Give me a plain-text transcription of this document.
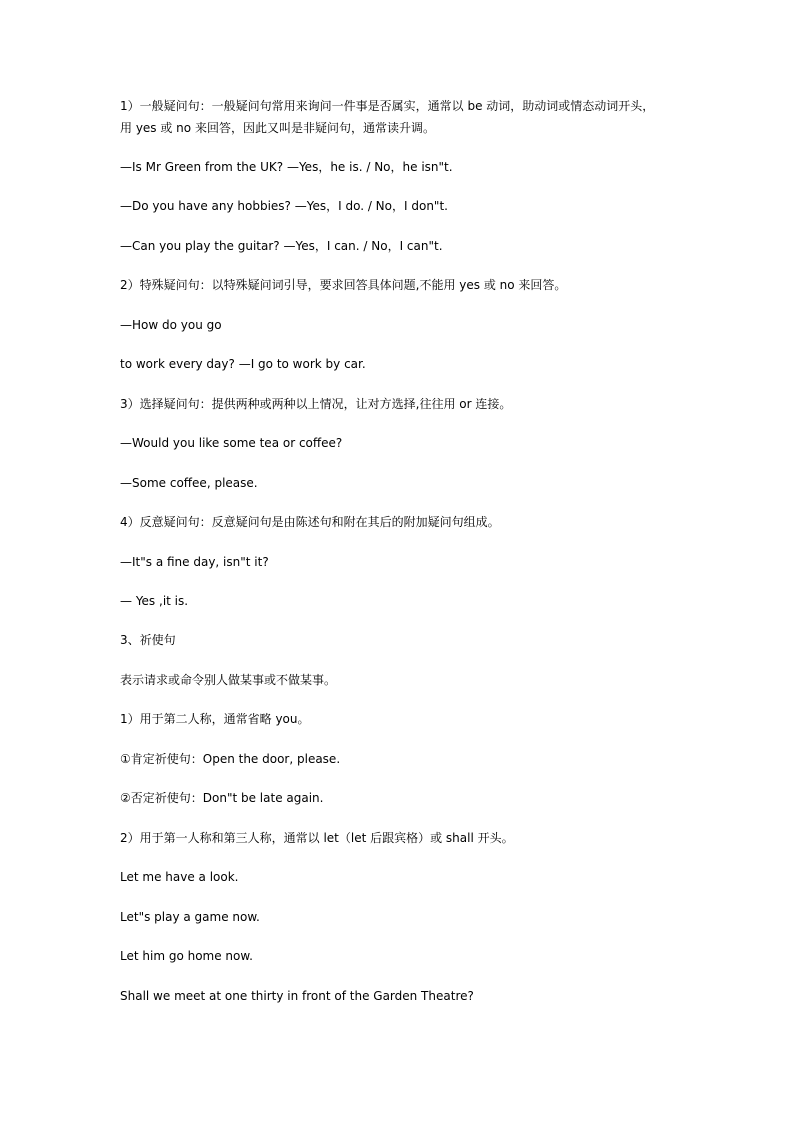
1）一般疑问句：一般疑问句常用来询问一件事是否属实，通常以 be 动词，助动词或情态动词开头，
用 yes 或 no 来回答，因此又叫是非疑问句，通常读升调。
—Is Mr Green from the UK? —Yes，he is. / No，he isn"t.
—Do you have any hobbies? —Yes，I do. / No，I don"t.
—Can you play the guitar? —Yes，I can. / No，I can"t.
2）特殊疑问句：以特殊疑问词引导，要求回答具体问题,不能用 yes 或 no 来回答。
—How do you go
to work every day? —I go to work by car.
3）选择疑问句：提供两种或两种以上情况，让对方选择,往往用 or 连接。
—Would you like some tea or coffee?
—Some coffee, please.
4）反意疑问句：反意疑问句是由陈述句和附在其后的附加疑问句组成。
—It"s a fine day, isn"t it?
— Yes ,it is.
3、祈使句
表示请求或命令别人做某事或不做某事。
1）用于第二人称，通常省略 you。
①肯定祈使句：Open the door, please.
②否定祈使句：Don"t be late again.
2）用于第一人称和第三人称，通常以 let（let 后跟宾格）或 shall 开头。
Let me have a look.
Let"s play a game now.
Let him go home now.
Shall we meet at one thirty in front of the Garden Theatre?
